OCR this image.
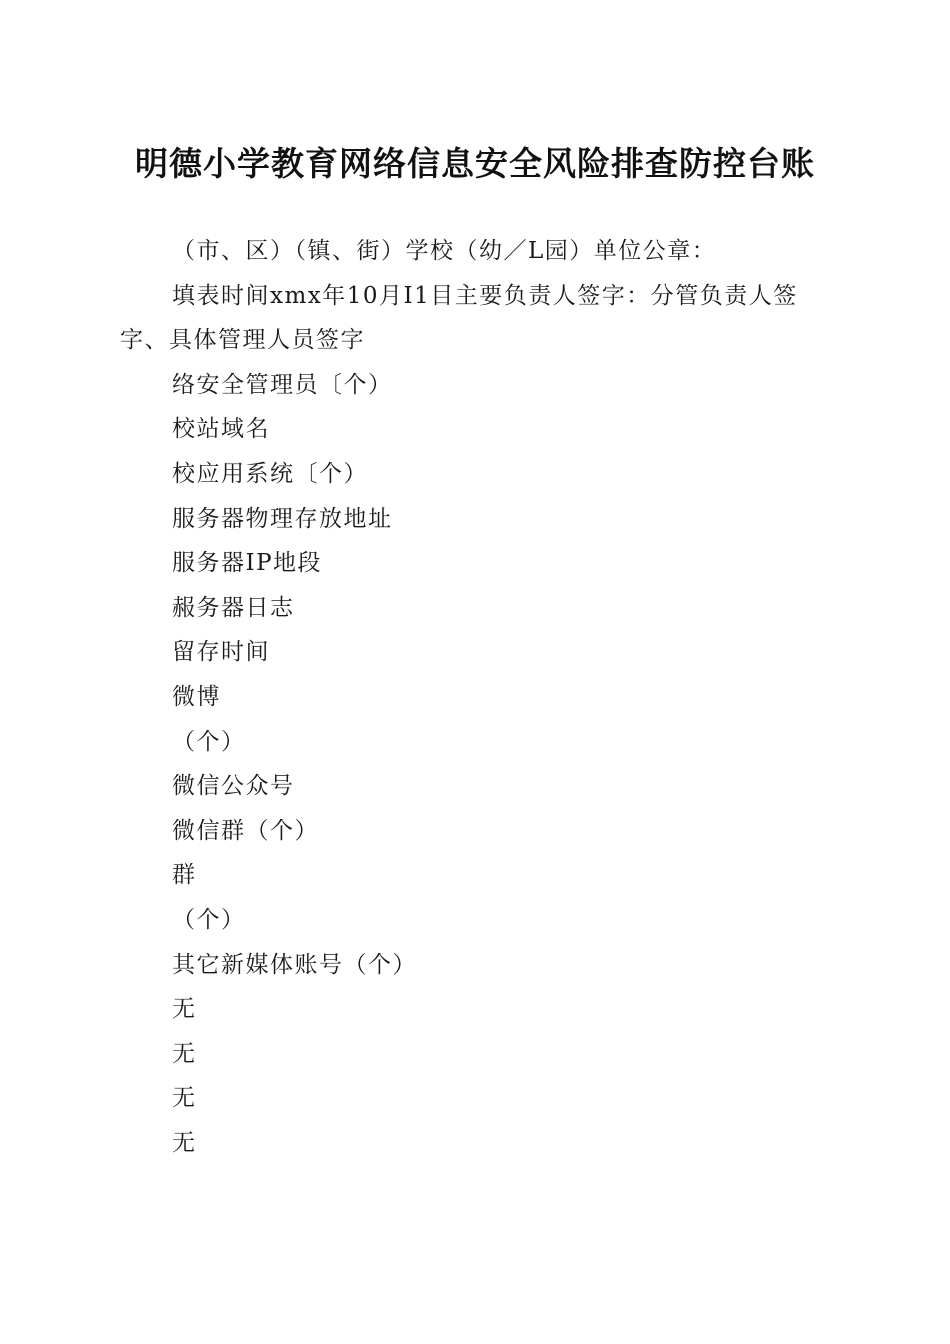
明德小学教育网络信息安全风险排查防控台账

（市、区）（镇、街）学校（幼／L园）单位公章：

填表时间xmx年10月I1目主要负责人签字：分管负责人签字、具体管理人员签字

络安全管理员〔个）

校站域名

校应用系统〔个）

服务器物理存放地址

服务器IP地段

赧务器日志

留存时间

微博

（个）

微信公众号

微信群（个）

群

（个）

其它新媒体账号（个）

无

无

无

无
